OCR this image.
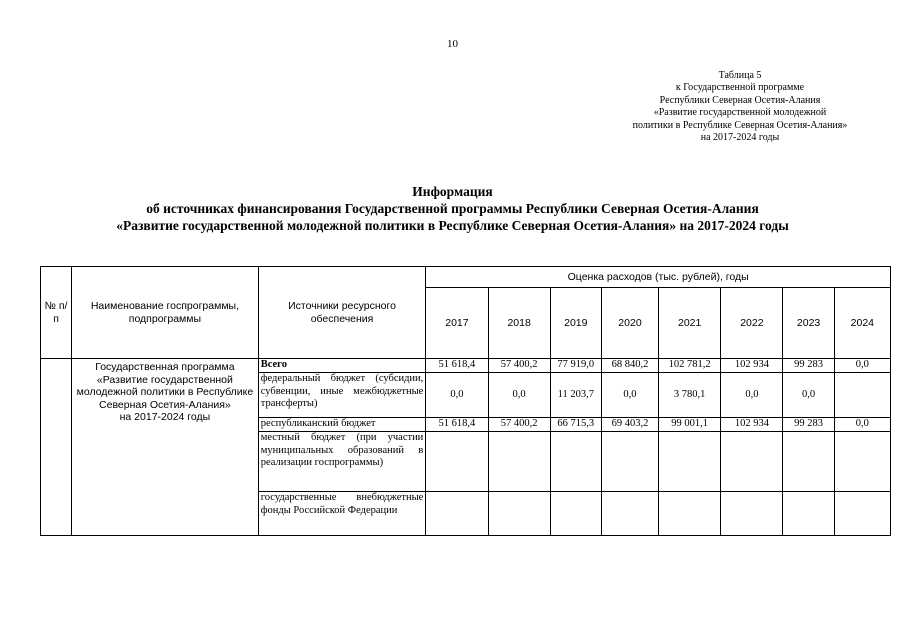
10
Таблица 5
к Государственной программе
Республики Северная Осетия-Алания
«Развитие государственной молодежной
политики в Республике Северная Осетия-Алания»
на 2017-2024 годы
Информация
об источниках финансирования Государственной программы Республики Северная Осетия-Алания
«Развитие государственной молодежной политики в Республике Северная Осетия-Алания» на 2017-2024 годы
№ п/п	Наименование госпрограммы, подпрограммы	Источники ресурсного обеспечения	Оценка расходов (тыс. рублей), годы							
			2017	2018	2019	2020	2021	2022	2023	2024

	Государственная программа «Развитие государственной молодежной политики в Республике Северная Осетия-Алания»
на 2017-2024 годы	Всего	51 618,4	57 400,2	77 919,0	68 840,2	102 781,2	102 934	99 283	0,0
		федеральный бюджет (субсидии, субвенции, иные межбюджетные трансферты)	0,0	0,0	11 203,7	0,0	3 780,1	0,0	0,0	
		республиканский бюджет	51 618,4	57 400,2	66 715,3	69 403,2	99 001,1	102 934	99 283	0,0
		местный бюджет (при участии муниципальных образований в реализации госпрограммы)								
		государственные внебюджетные фонды Российской Федерации								
